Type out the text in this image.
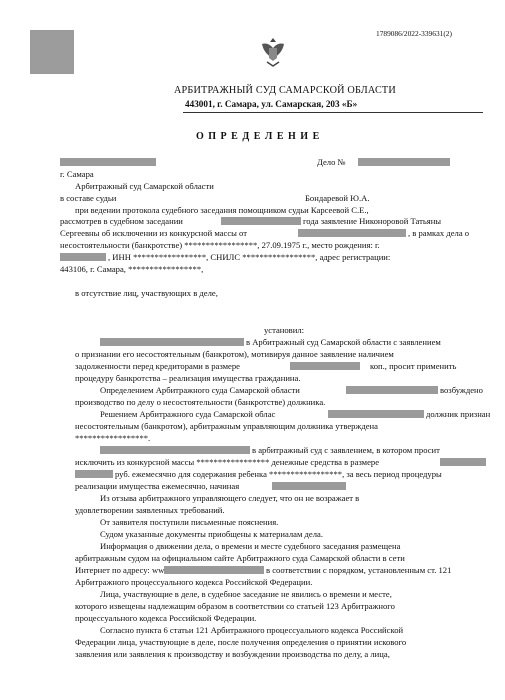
1789086/2022-339631(2)
АРБИТРАЖНЫЙ СУД САМАРСКОЙ ОБЛАСТИ
443001, г. Самара, ул. Самарская, 203 «Б»
О П Р Е Д Е Л Е Н И Е
Дело №
г. Самара
Арбитражный суд Самарской области
в составе судьи	Бондаревой Ю.А.
при ведении протокола судебного заседания помощником судьи Карсеевой С.Е.,
рассмотрев в судебном заседании	года заявление Никоноровой Татьяны
Сергеевны об исключении из конкурсной массы от	, в рамках дела о
несостоятельности (банкротстве) *****************, 27.09.1975 г., место рождения: г.
, ИНН *****************, СНИЛС *****************, адрес регистрации:
443106, г. Самара, *****************,
в отсутствие лиц, участвующих в деле,
установил:
в Арбитражный суд Самарской области с заявлением
о признании его несостоятельным (банкротом), мотивируя данное заявление наличием
задолженности перед кредиторами в размере	коп., просит применить
процедуру банкротства – реализация имущества гражданина.
Определением Арбитражного суда Самарской области	возбуждено
производство по делу о несостоятельности (банкротстве) должника.
Решением Арбитражного суда Самарской облас	должник признан
несостоятельным (банкротом), арбитражным управляющим должника утверждена
*****************.
в арбитражный суд с заявлением, в котором просит
исключить из конкурсной массы ***************** денежные средства в размере
руб. ежемесячно для содержания ребенка *****************, за весь период процедуры
реализации имущества ежемесячно, начиная
Из отзыва арбитражного управляющего следует, что он не возражает в
удовлетворении заявленных требований.
От заявителя поступили письменные пояснения.
Судом указанные документы приобщены к материалам дела.
Информация о движении дела, о времени и месте судебного заседания размещена
арбитражным судом на официальном сайте Арбитражного суда Самарской области в сети
Интернет по адресу: ww	в соответствии с порядком, установленным ст. 121
Арбитражного процессуального кодекса Российской Федерации.
Лица, участвующие в деле, в судебное заседание не явились о времени и месте,
которого извещены надлежащим образом в соответствии со статьей 123 Арбитражного
процессуального кодекса Российской Федерации.
Согласно пункта 6 статьи 121 Арбитражного процессуального кодекса Российской
Федерации лица, участвующие в деле, после получения определения о принятии искового
заявления или заявления к производству и возбуждении производства по делу, а лица,
